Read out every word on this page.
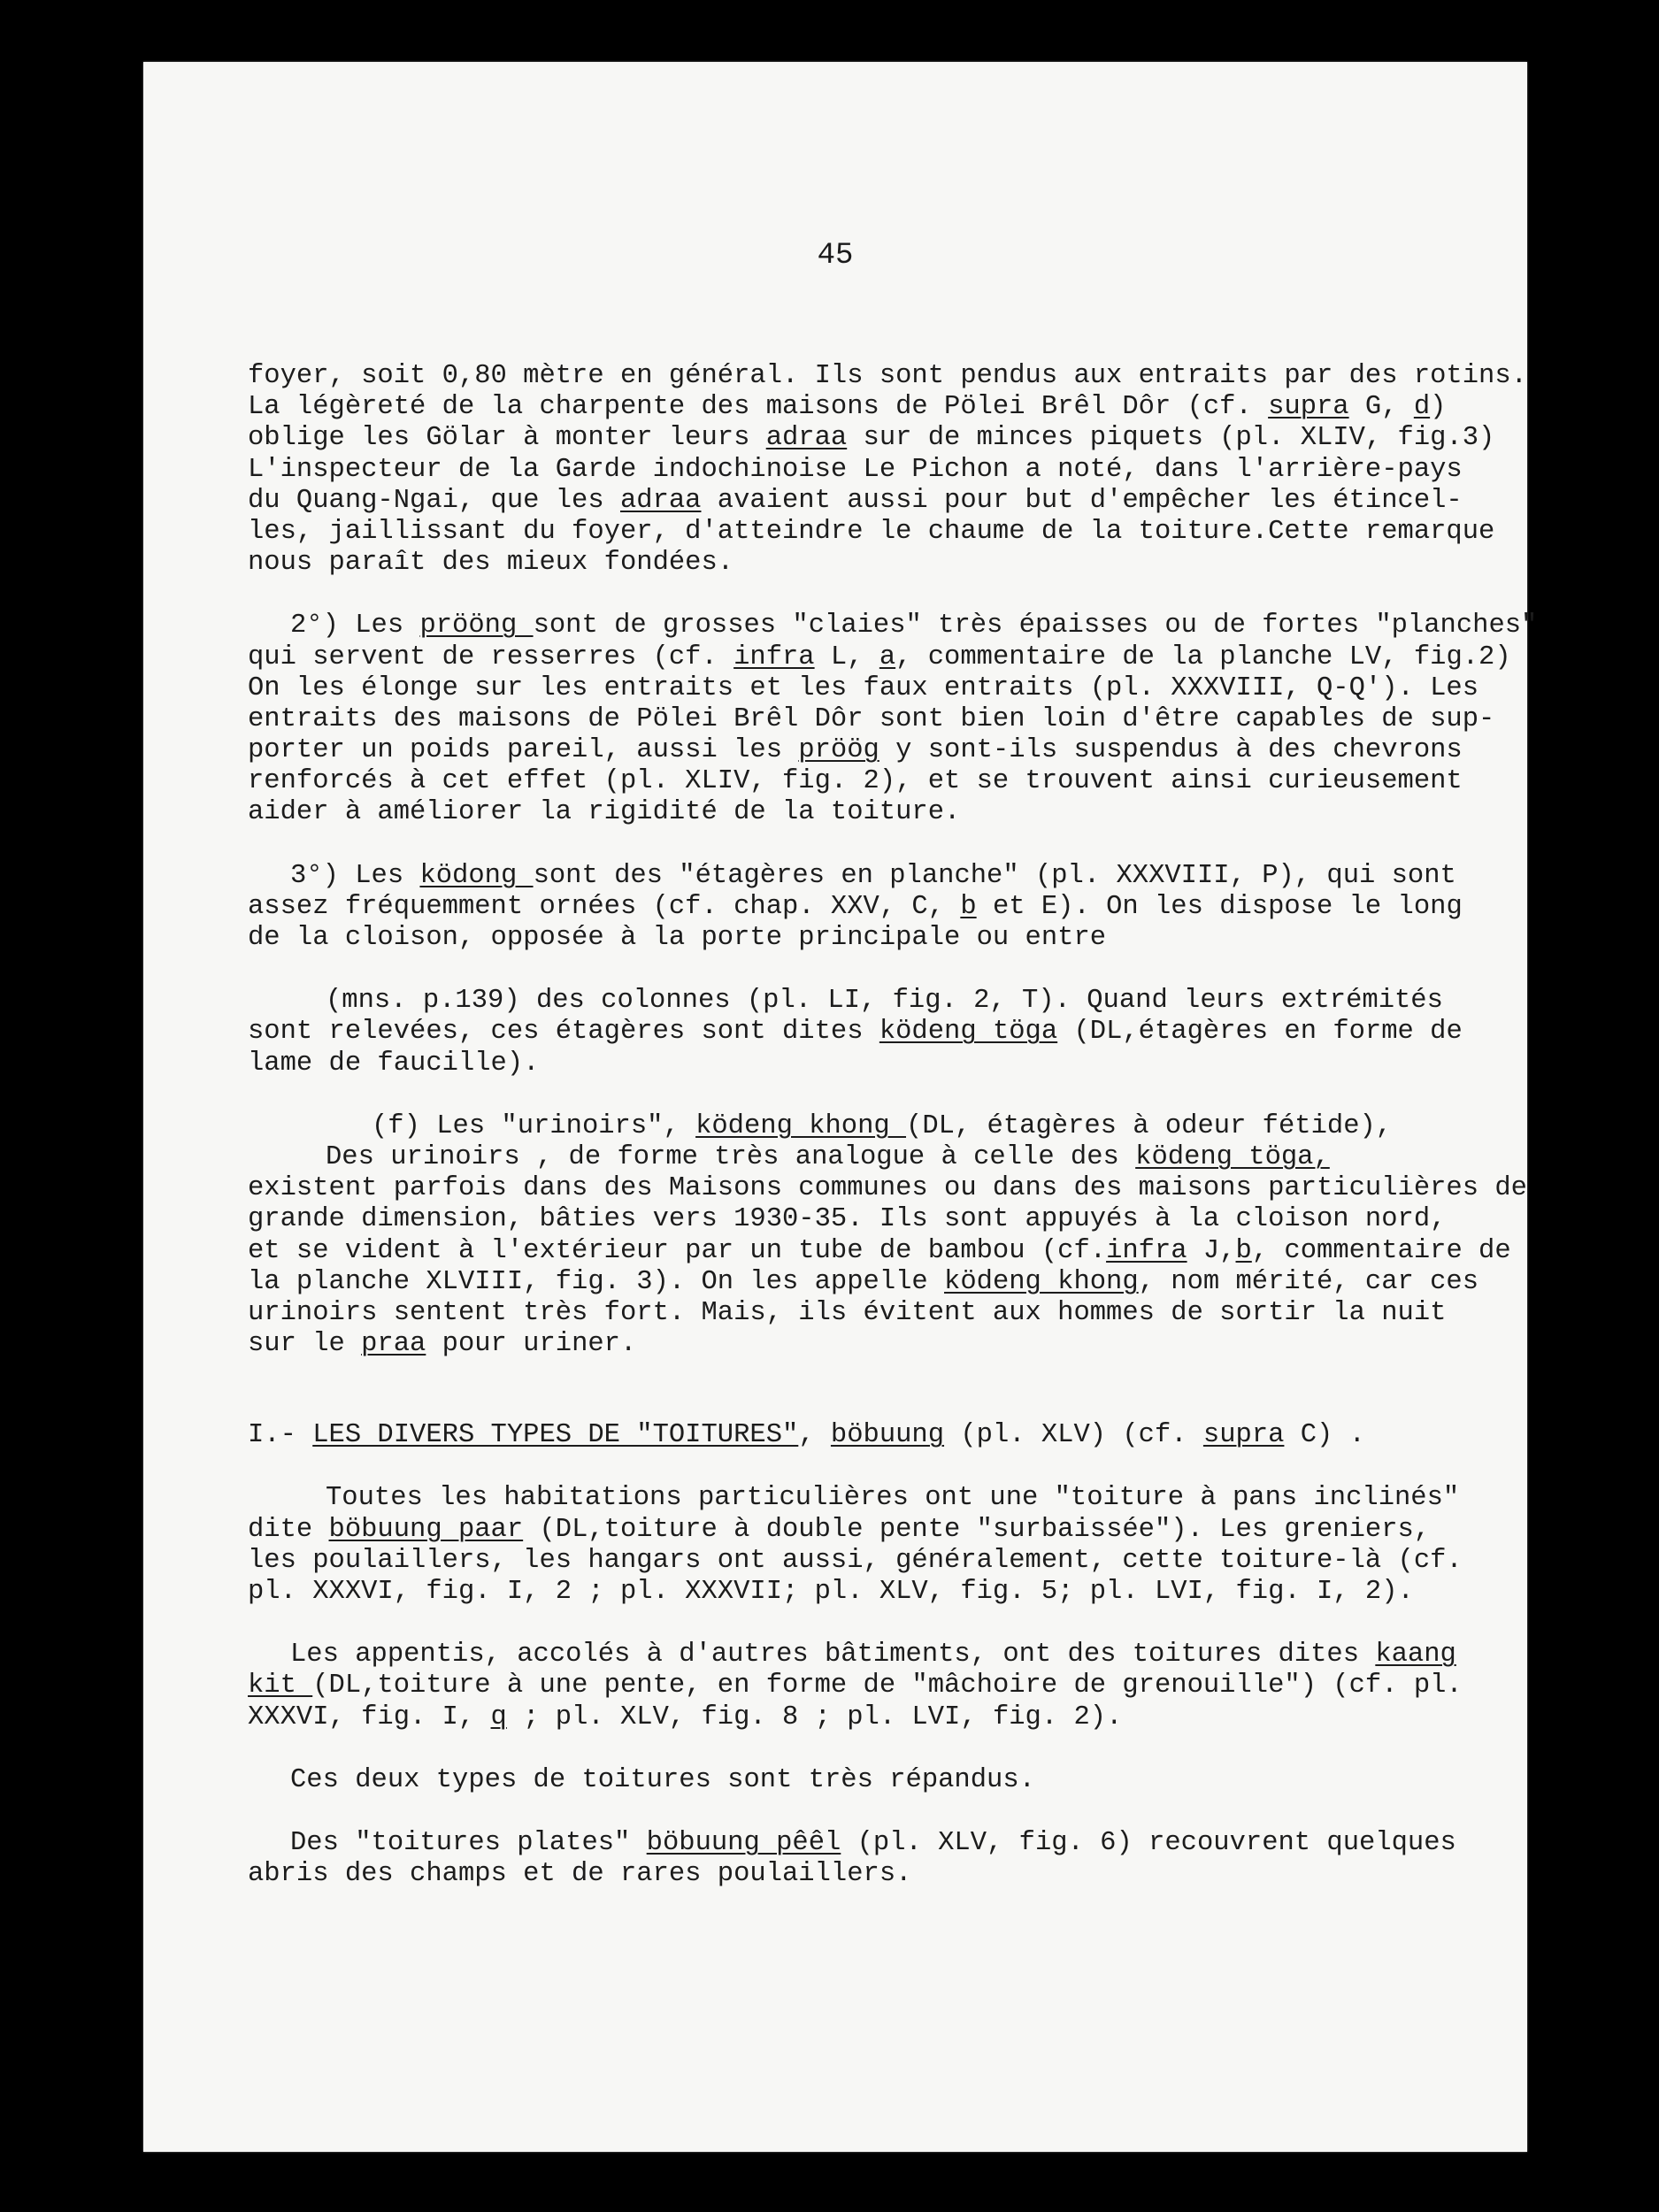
45
foyer, soit 0,80 mètre en général. Ils sont pendus aux entraits par des rotins.
La légèreté de la charpente des maisons de Pölei Brêl Dôr (cf. supra G, d)
oblige les Gölar à monter leurs adraa sur de minces piquets (pl. XLIV, fig.3)
L'inspecteur de la Garde indochinoise Le Pichon a noté, dans l'arrière-pays
du Quang-Ngai, que les adraa avaient aussi pour but d'empêcher les étincel-
les, jaillissant du foyer, d'atteindre le chaume de la toiture.Cette remarque
nous paraît des mieux fondées.
2°) Les prööng sont de grosses "claies" très épaisses ou de fortes "planches"
qui servent de resserres (cf. infra L, a, commentaire de la planche LV, fig.2)
On les élonge sur les entraits et les faux entraits (pl. XXXVIII, Q-Q'). Les
entraits des maisons de Pölei Brêl Dôr sont bien loin d'être capables de sup-
porter un poids pareil, aussi les pröög y sont-ils suspendus à des chevrons
renforcés à cet effet (pl. XLIV, fig. 2), et se trouvent ainsi curieusement
aider à améliorer la rigidité de la toiture.
3°) Les ködong sont des "étagères en planche" (pl. XXXVIII, P), qui sont
assez fréquemment ornées (cf. chap. XXV, C, b et E). On les dispose le long
de la cloison, opposée à la porte principale ou entre
(mns. p.139) des colonnes (pl. LI, fig. 2, T). Quand leurs extrémités
sont relevées, ces étagères sont dites ködeng töga (DL,étagères en forme de
lame de faucille).
(f) Les "urinoirs", ködeng khong (DL, étagères à odeur fétide),
Des urinoirs , de forme très analogue à celle des ködeng töga,
existent parfois dans des Maisons communes ou dans des maisons particulières de
grande dimension, bâties vers 1930-35. Ils sont appuyés à la cloison nord,
et se vident à l'extérieur par un tube de bambou (cf.infra J,b, commentaire de
la planche XLVIII, fig. 3). On les appelle ködeng khong, nom mérité, car ces
urinoirs sentent très fort. Mais, ils évitent aux hommes de sortir la nuit
sur le praa pour uriner.
I.- LES DIVERS TYPES DE "TOITURES", böbuung (pl. XLV) (cf. supra C) .
Toutes les habitations particulières ont une "toiture à pans inclinés"
dite böbuung paar (DL,toiture à double pente "surbaissée"). Les greniers,
les poulaillers, les hangars ont aussi, généralement, cette toiture-là (cf.
pl. XXXVI, fig. I, 2 ; pl. XXXVII; pl. XLV, fig. 5; pl. LVI, fig. I, 2).
Les appentis, accolés à d'autres bâtiments, ont des toitures dites kaang
kit (DL,toiture à une pente, en forme de "mâchoire de grenouille") (cf. pl.
XXXVI, fig. I, q ; pl. XLV, fig. 8 ; pl. LVI, fig. 2).
Ces deux types de toitures sont très répandus.
Des "toitures plates" böbuung pêêl (pl. XLV, fig. 6) recouvrent quelques
abris des champs et de rares poulaillers.
